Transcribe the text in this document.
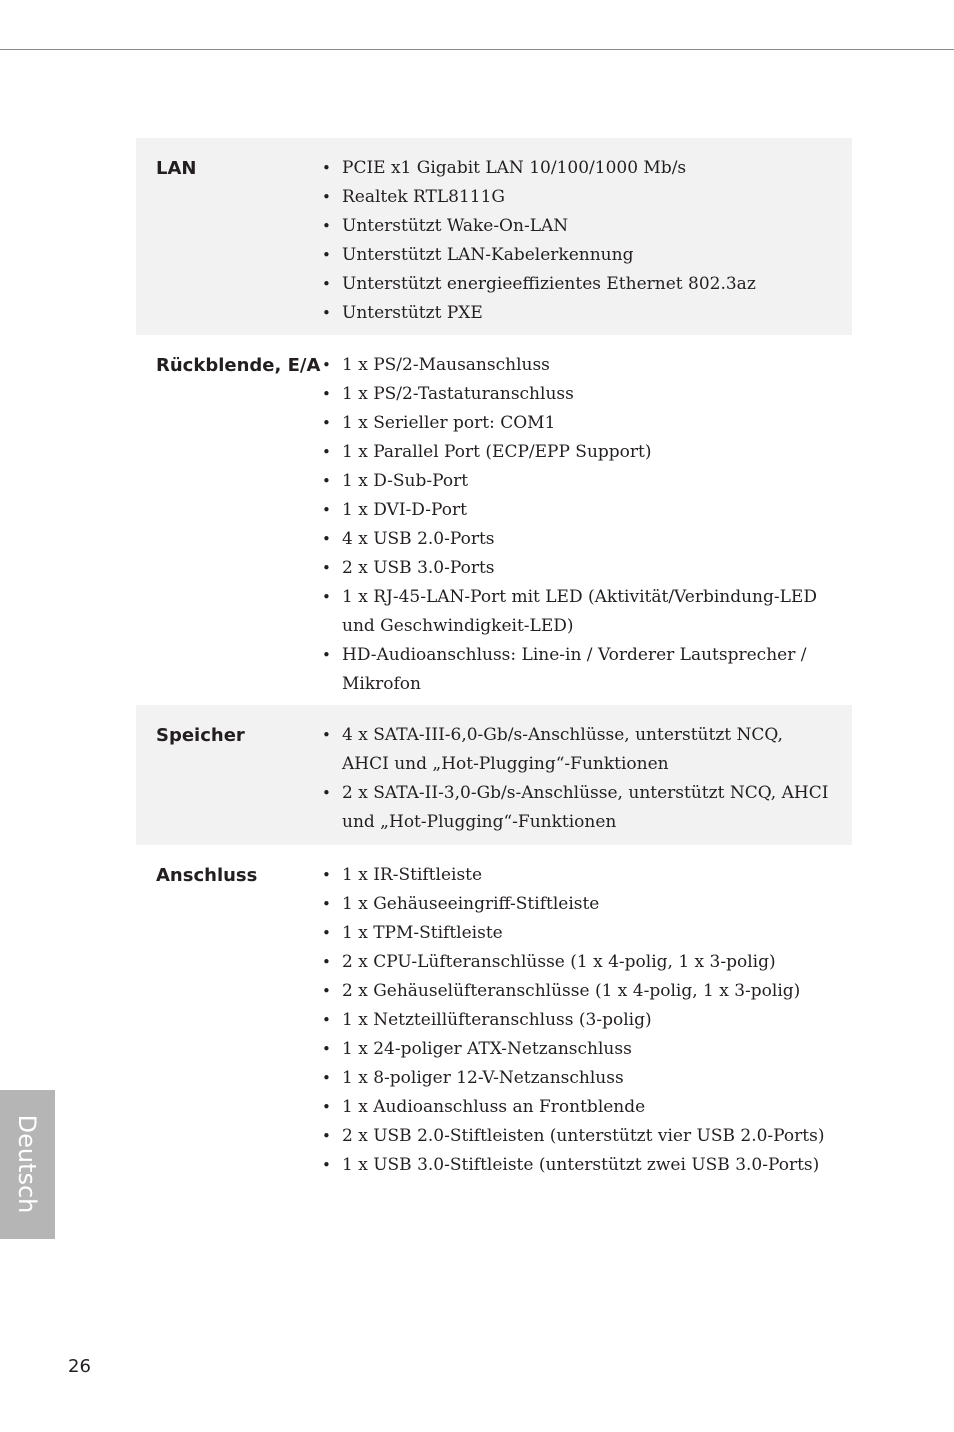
LAN	• PCIE x1 Gigabit LAN 10/100/1000 Mb/s
• Realtek RTL8111G
• Unterstützt Wake-On-LAN
• Unterstützt LAN-Kabelerkennung
• Unterstützt energieeffizientes Ethernet 802.3az
• Unterstützt PXE
Rückblende, E/A	• 1 x PS/2-Mausanschluss
• 1 x PS/2-Tastaturanschluss
• 1 x Serieller port: COM1
• 1 x Parallel Port (ECP/EPP Support)
• 1 x D-Sub-Port
• 1 x DVI-D-Port
• 4 x USB 2.0-Ports
• 2 x USB 3.0-Ports
• 1 x RJ-45-LAN-Port mit LED (Aktivität/Verbindung-LED und Geschwindigkeit-LED)
• HD-Audioanschluss: Line-in / Vorderer Lautsprecher / Mikrofon
Speicher	• 4 x SATA-III-6,0-Gb/s-Anschlüsse, unterstützt NCQ, AHCI und „Hot-Plugging“-Funktionen
• 2 x SATA-II-3,0-Gb/s-Anschlüsse, unterstützt NCQ, AHCI und „Hot-Plugging“-Funktionen
Anschluss	• 1 x IR-Stiftleiste
• 1 x Gehäuseeingriff-Stiftleiste
• 1 x TPM-Stiftleiste
• 2 x CPU-Lüfteranschlüsse (1 x 4-polig, 1 x 3-polig)
• 2 x Gehäuselüfteranschlüsse (1 x 4-polig, 1 x 3-polig)
• 1 x Netzteillüfteranschluss (3-polig)
• 1 x 24-poliger ATX-Netzanschluss
• 1 x 8-poliger 12-V-Netzanschluss
• 1 x Audioanschluss an Frontblende
• 2 x USB 2.0-Stiftleisten (unterstützt vier USB 2.0-Ports)
• 1 x USB 3.0-Stiftleiste (unterstützt zwei USB 3.0-Ports)
Deutsch
26
